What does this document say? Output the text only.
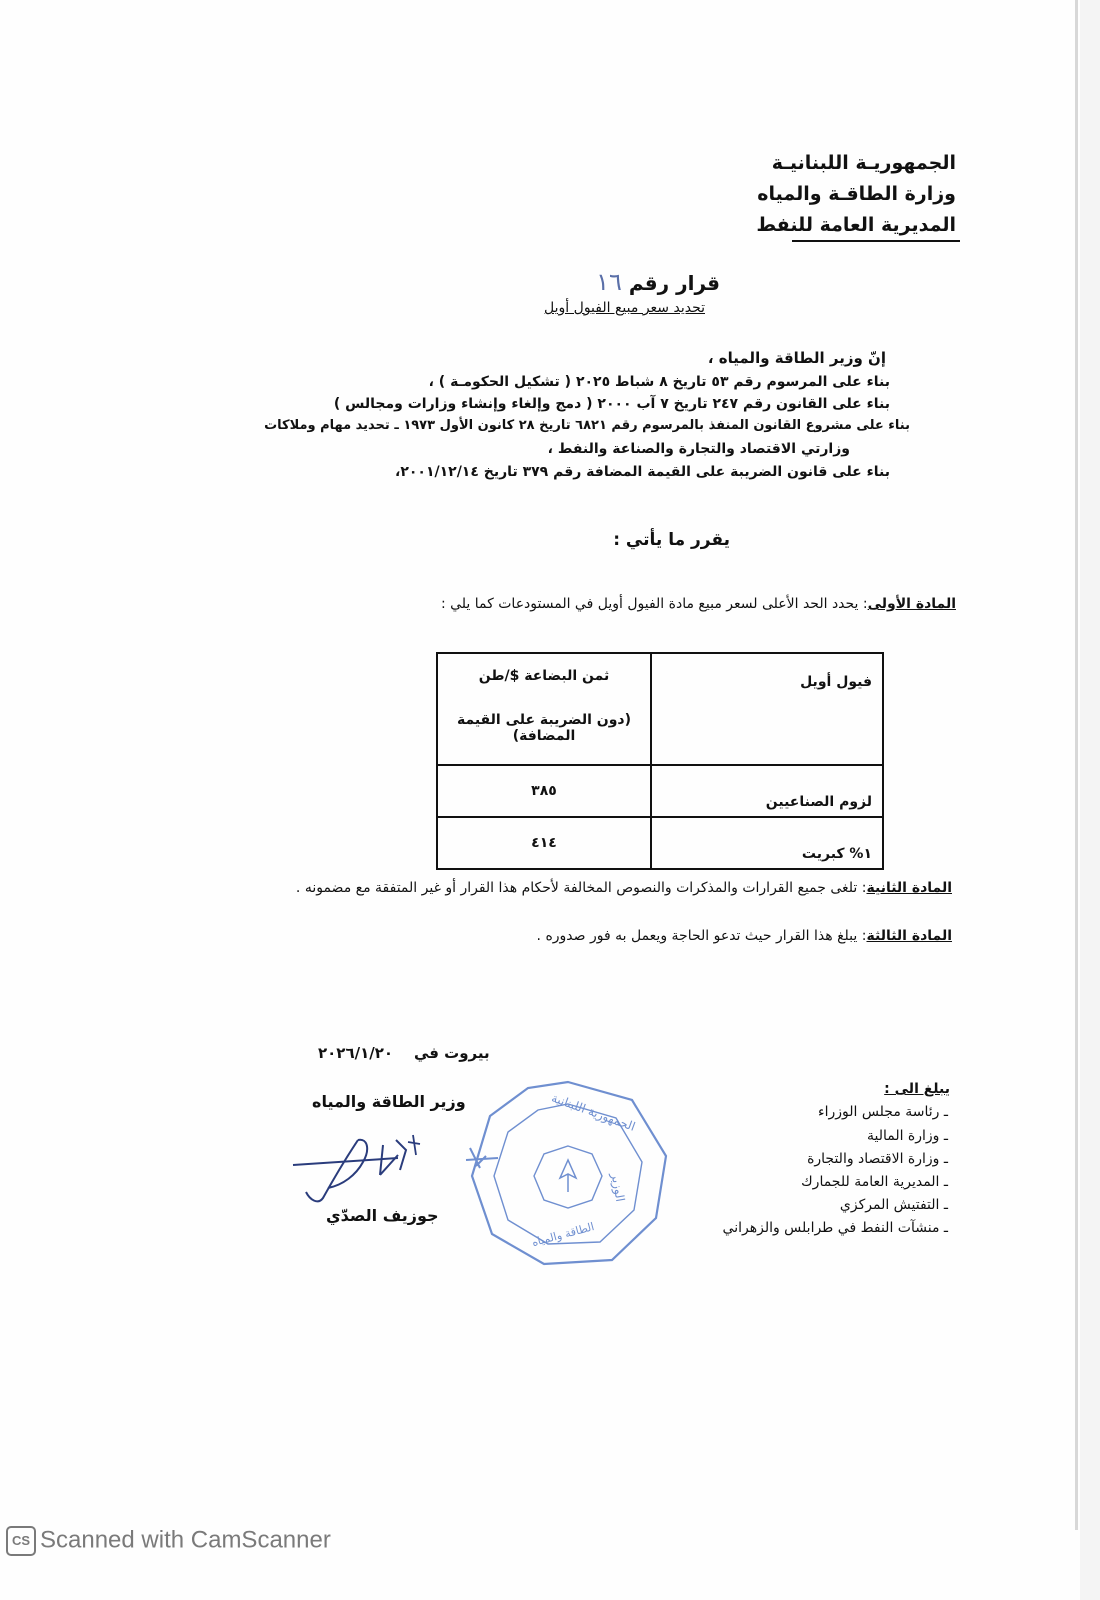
الجمهوريـة اللبنانيـة
وزارة الطاقـة والمياه
المديرية العامة للنفط
قرار رقم ١٦
تحديد سعر مبيع الفيول أويل
إنّ وزير الطاقة والمياه ،
بناء على المرسوم رقم ٥٣ تاريخ ٨ شباط ٢٠٢٥ ( تشكيل الحكومـة ) ،
بناء على القانون رقم ٢٤٧ تاريخ ٧ آب ٢٠٠٠ ( دمج وإلغاء وإنشاء وزارات ومجالس )
بناء على مشروع القانون المنفذ بالمرسوم رقم ٦٨٢١ تاريخ ٢٨ كانون الأول ١٩٧٣ ـ تحديد مهام وملاكات
وزارتي الاقتصاد والتجارة والصناعة والنفط ،
بناء على قانون الضريبة على القيمة المضافة رقم ٣٧٩ تاريخ ٢٠٠١/١٢/١٤،
يقرر ما يأتي :
المادة الأولى: يحدد الحد الأعلى لسعر مبيع مادة الفيول أويل في المستودعات كما يلي :
فيول أويل	ثمن البضاعة $/طن
(دون الضريبة على القيمة المضافة)

لزوم الصناعيين	٣٨٥
١% كبريت	٤١٤
المادة الثانية: تلغى جميع القرارات والمذكرات والنصوص المخالفة لأحكام هذا القرار أو غير المتفقة مع مضمونه .
المادة الثالثة: يبلغ هذا القرار حيث تدعو الحاجة ويعمل به فور صدوره .
٢٠٢٦/١/٢٠ بيروت في
وزير الطاقة والمياه
جوزيف الصدّي
الجمهورية اللبنانية
الوزير
الطاقة والمياه
يبلغ الى :
ـ رئاسة مجلس الوزراء
ـ وزارة المالية
ـ وزارة الاقتصاد والتجارة
ـ المديرية العامة للجمارك
ـ التفتيش المركزي
ـ منشآت النفط في طرابلس والزهراني
CS Scanned with CamScanner
